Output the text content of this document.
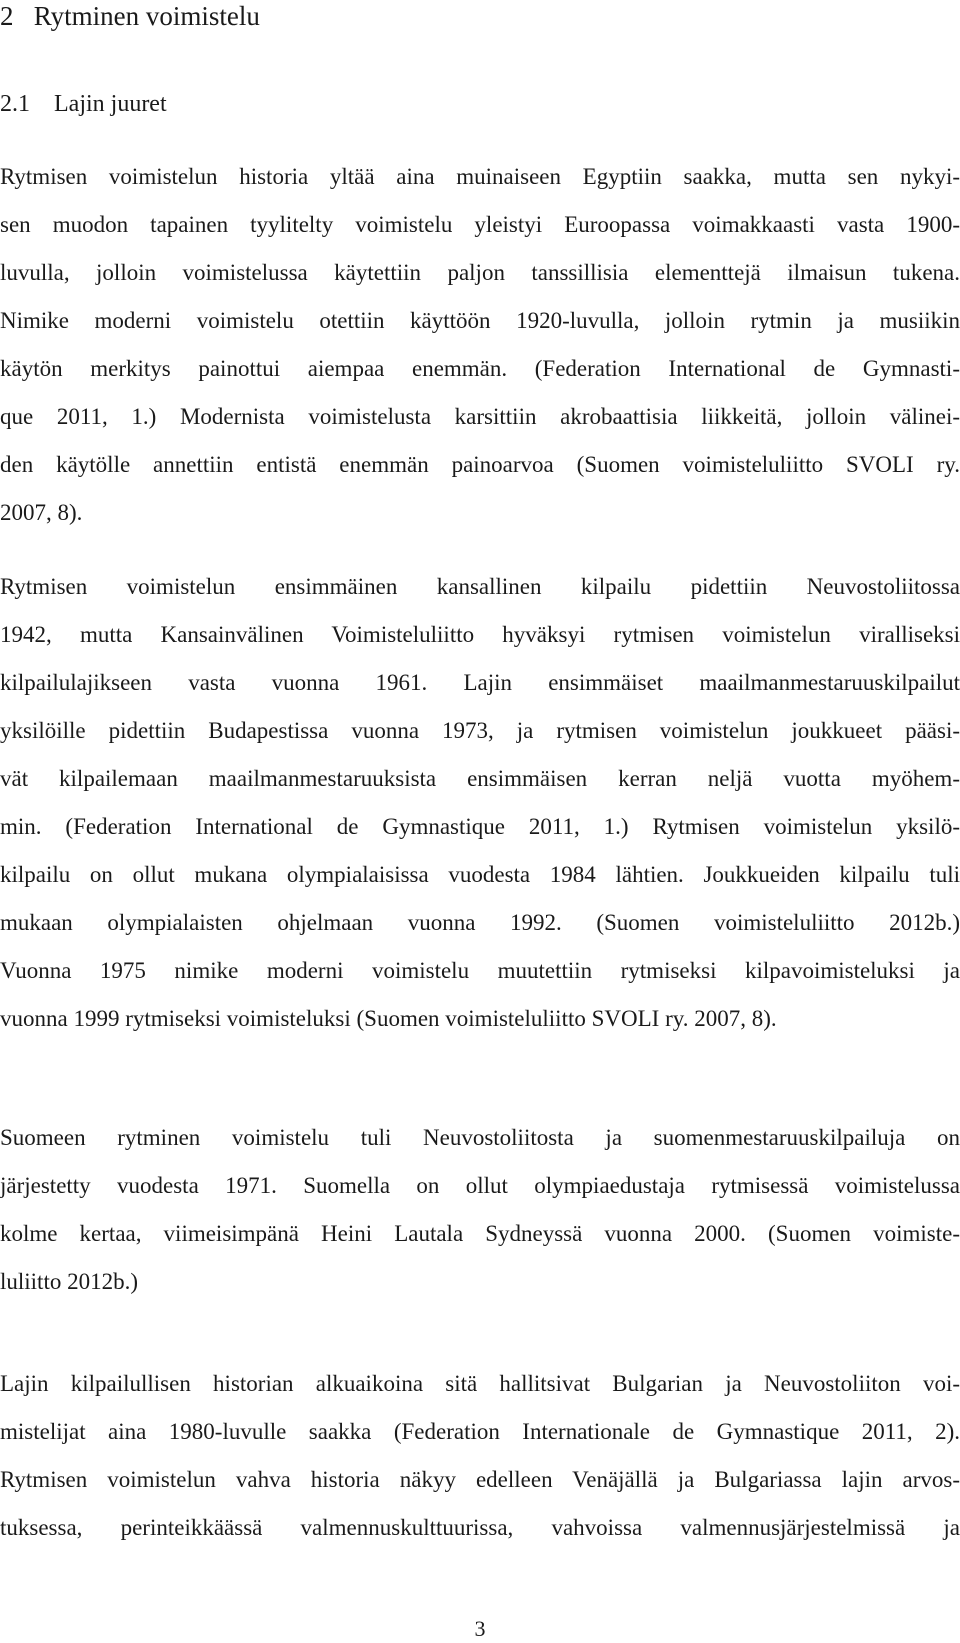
2 Rytminen voimistelu
2.1 Lajin juuret
Rytmisen voimistelun historia yltää aina muinaiseen Egyptiin saakka, mutta sen nykyi-
sen muodon tapainen tyylitelty voimistelu yleistyi Euroopassa voimakkaasti vasta 1900-
luvulla, jolloin voimistelussa käytettiin paljon tanssillisia elementtejä ilmaisun tukena.
Nimike moderni voimistelu otettiin käyttöön 1920-luvulla, jolloin rytmin ja musiikin
käytön merkitys painottui aiempaa enemmän. (Federation International de Gymnasti-
que 2011, 1.) Modernista voimistelusta karsittiin akrobaattisia liikkeitä, jolloin välinei-
den käytölle annettiin entistä enemmän painoarvoa (Suomen voimisteluliitto SVOLI ry.
2007, 8).
Rytmisen voimistelun ensimmäinen kansallinen kilpailu pidettiin Neuvostoliitossa
1942, mutta Kansainvälinen Voimisteluliitto hyväksyi rytmisen voimistelun viralliseksi
kilpailulajikseen vasta vuonna 1961. Lajin ensimmäiset maailmanmestaruuskilpailut
yksilöille pidettiin Budapestissa vuonna 1973, ja rytmisen voimistelun joukkueet pääsi-
vät kilpailemaan maailmanmestaruuksista ensimmäisen kerran neljä vuotta myöhem-
min. (Federation International de Gymnastique 2011, 1.) Rytmisen voimistelun yksilö-
kilpailu on ollut mukana olympialaisissa vuodesta 1984 lähtien. Joukkueiden kilpailu tuli
mukaan olympialaisten ohjelmaan vuonna 1992. (Suomen voimisteluliitto 2012b.)
Vuonna 1975 nimike moderni voimistelu muutettiin rytmiseksi kilpavoimisteluksi ja
vuonna 1999 rytmiseksi voimisteluksi (Suomen voimisteluliitto SVOLI ry. 2007, 8).
Suomeen rytminen voimistelu tuli Neuvostoliitosta ja suomenmestaruuskilpailuja on
järjestetty vuodesta 1971. Suomella on ollut olympiaedustaja rytmisessä voimistelussa
kolme kertaa, viimeisimpänä Heini Lautala Sydneyssä vuonna 2000. (Suomen voimiste-
luliitto 2012b.)
Lajin kilpailullisen historian alkuaikoina sitä hallitsivat Bulgarian ja Neuvostoliiton voi-
mistelijat aina 1980-luvulle saakka (Federation Internationale de Gymnastique 2011, 2).
Rytmisen voimistelun vahva historia näkyy edelleen Venäjällä ja Bulgariassa lajin arvos-
tuksessa, perinteikkäässä valmennuskulttuurissa, vahvoissa valmennusjärjestelmissä ja
3
